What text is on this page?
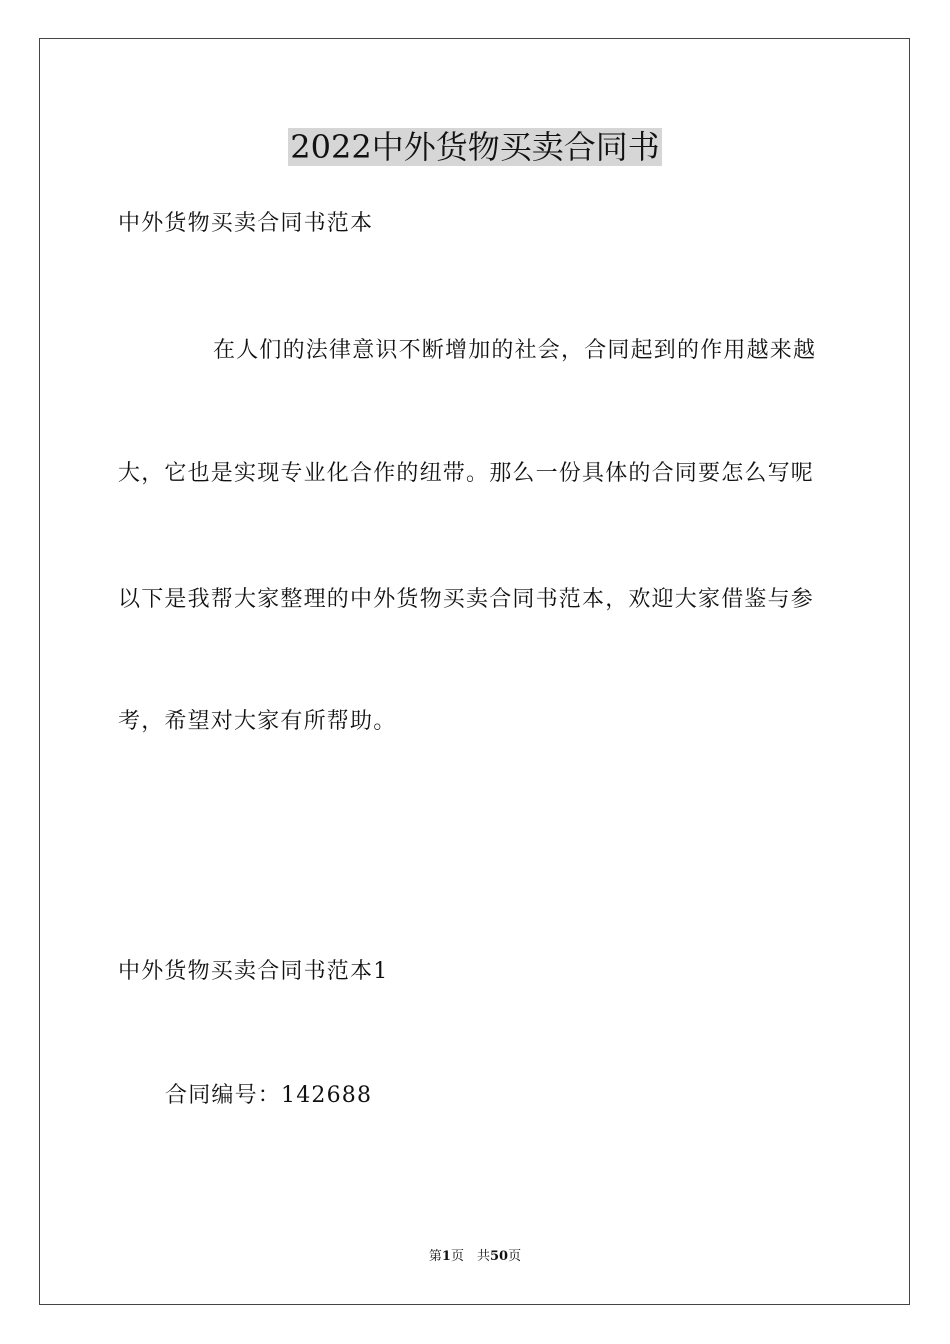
2022中外货物买卖合同书

中外货物买卖合同书范本

在人们的法律意识不断增加的社会，合同起到的作用越来越

大，它也是实现专业化合作的纽带。那么一份具体的合同要怎么写呢

以下是我帮大家整理的中外货物买卖合同书范本，欢迎大家借鉴与参

考，希望对大家有所帮助。

中外货物买卖合同书范本1

合同编号：142688

第1页　共50页
